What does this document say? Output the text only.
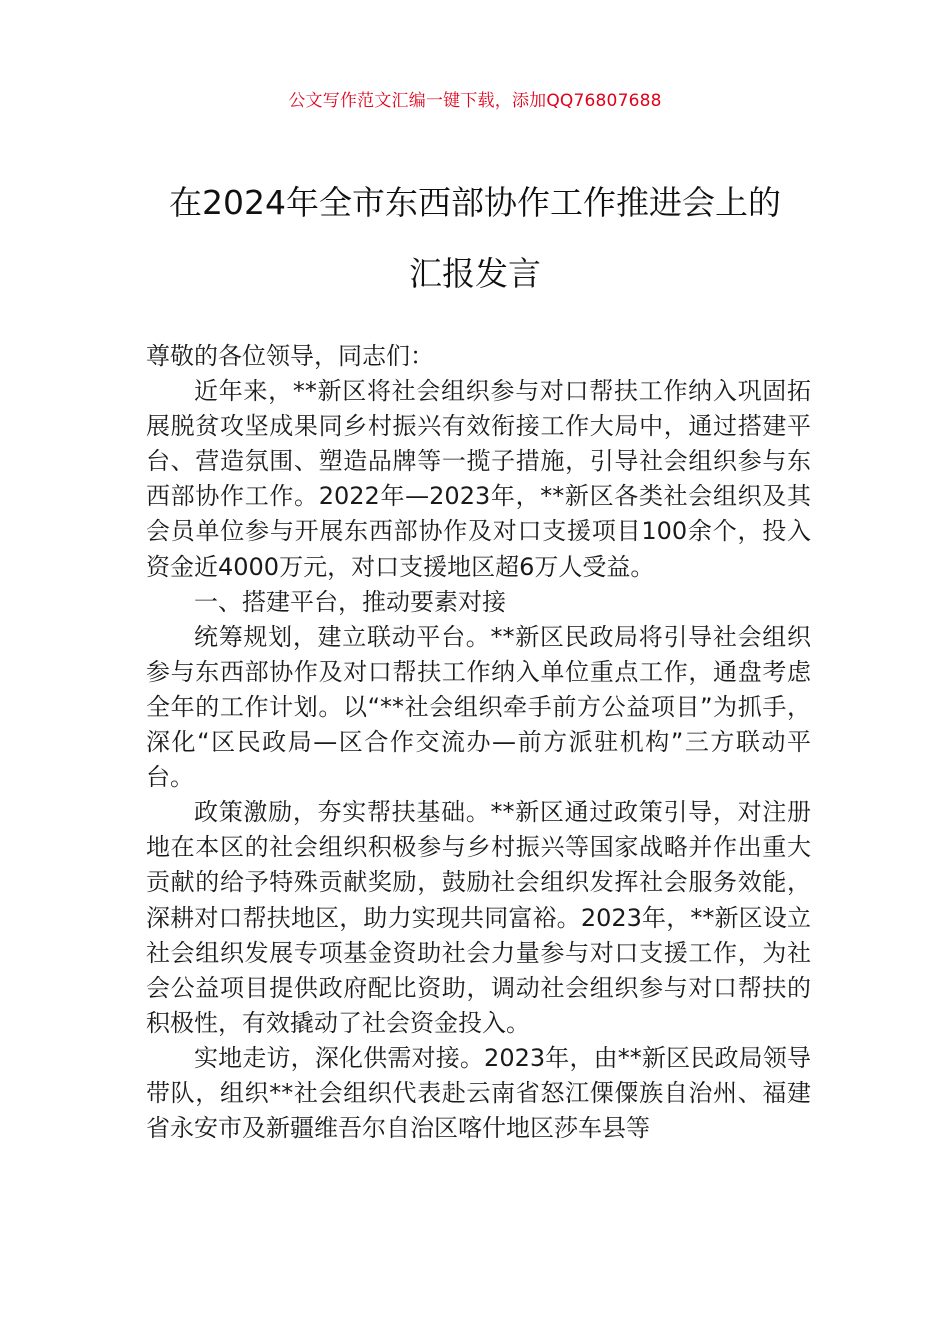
公文写作范文汇编一键下载，添加QQ76807688
在2024年全市东西部协作工作推进会上的
汇报发言

尊敬的各位领导，同志们：

近年来，**新区将社会组织参与对口帮扶工作纳入巩固拓展脱贫攻坚成果同乡村振兴有效衔接工作大局中，通过搭建平台、营造氛围、塑造品牌等一揽子措施，引导社会组织参与东西部协作工作。2022年—2023年，**新区各类社会组织及其会员单位参与开展东西部协作及对口支援项目100余个，投入资金近4000万元，对口支援地区超6万人受益。

一、搭建平台，推动要素对接

统筹规划，建立联动平台。**新区民政局将引导社会组织参与东西部协作及对口帮扶工作纳入单位重点工作，通盘考虑全年的工作计划。以“**社会组织牵手前方公益项目”为抓手，深化“区民政局—区合作交流办—前方派驻机构”三方联动平台。

政策激励，夯实帮扶基础。**新区通过政策引导，对注册地在本区的社会组织积极参与乡村振兴等国家战略并作出重大贡献的给予特殊贡献奖励，鼓励社会组织发挥社会服务效能，深耕对口帮扶地区，助力实现共同富裕。2023年，**新区设立社会组织发展专项基金资助社会力量参与对口支援工作，为社会公益项目提供政府配比资助，调动社会组织参与对口帮扶的积极性，有效撬动了社会资金投入。

实地走访，深化供需对接。2023年，由**新区民政局领导带队，组织**社会组织代表赴云南省怒江傈僳族自治州、福建省永安市及新疆维吾尔自治区喀什地区莎车县等
